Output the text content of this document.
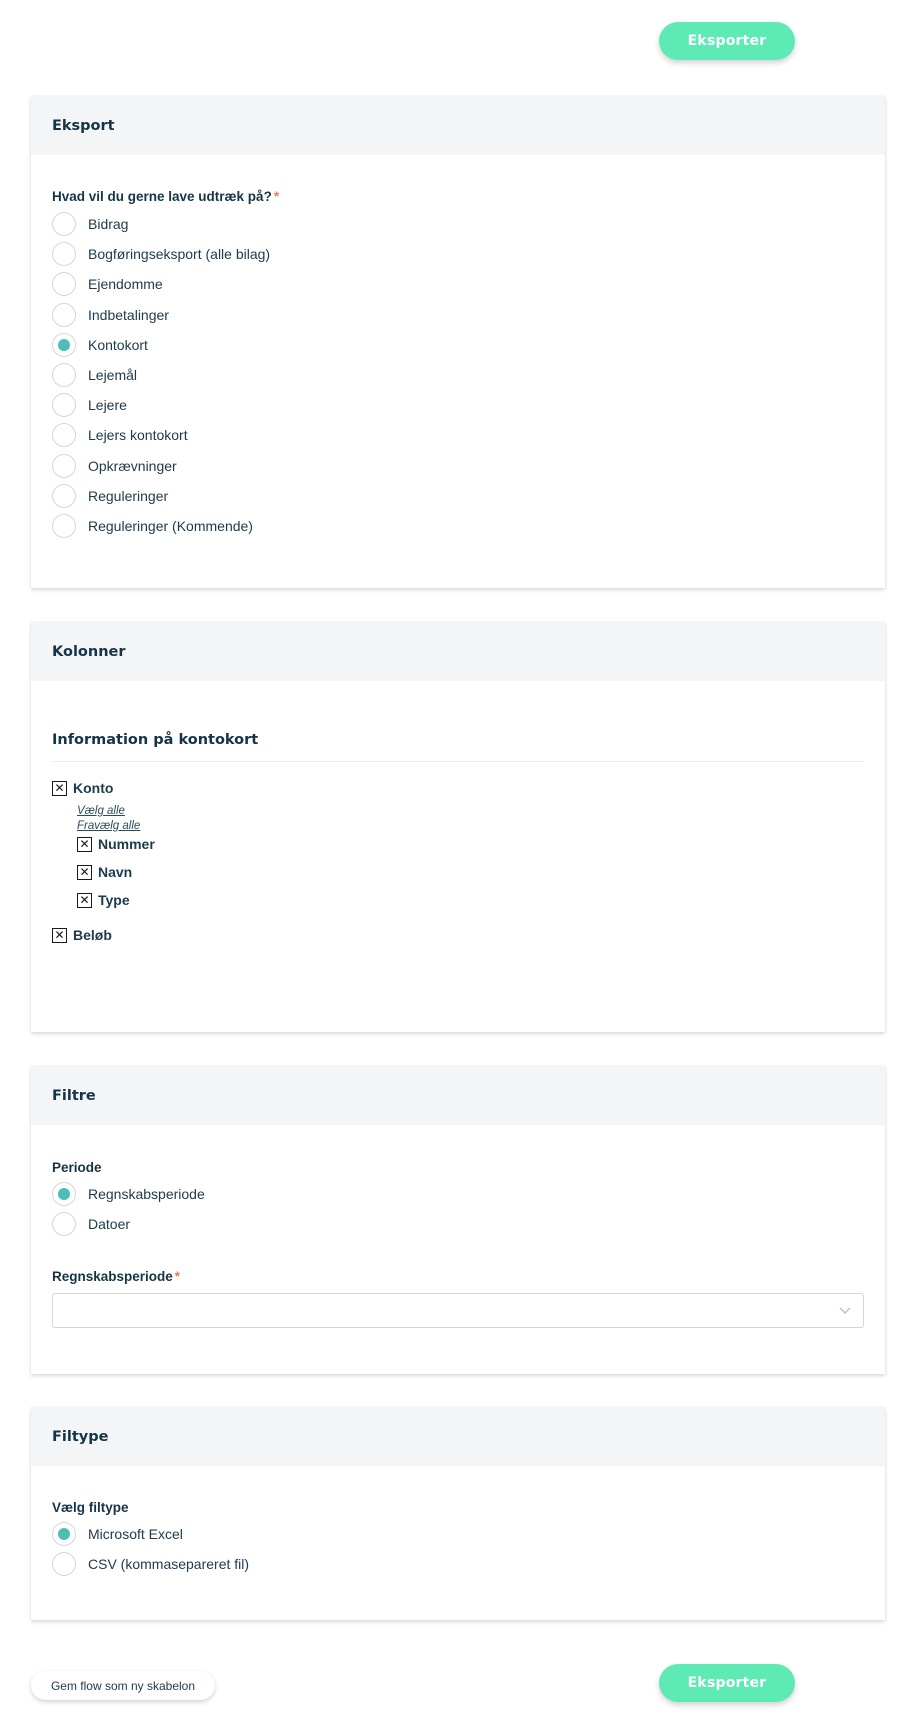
Eksporter
Eksport
Hvad vil du gerne lave udtræk på? *
Bidrag
Bogføringseksport (alle bilag)
Ejendomme
Indbetalinger
Kontokort
Lejemål
Lejere
Lejers kontokort
Opkrævninger
Reguleringer
Reguleringer (Kommende)
Kolonner
Information på kontokort
✕ Konto
Vælg alle
Fravælg alle
✕ Nummer
✕ Navn
✕ Type
✕ Beløb
Filtre
Periode
Regnskabsperiode
Datoer
Regnskabsperiode *
Filtype
Vælg filtype
Microsoft Excel
CSV (kommasepareret fil)
Gem flow som ny skabelon	Eksporter
